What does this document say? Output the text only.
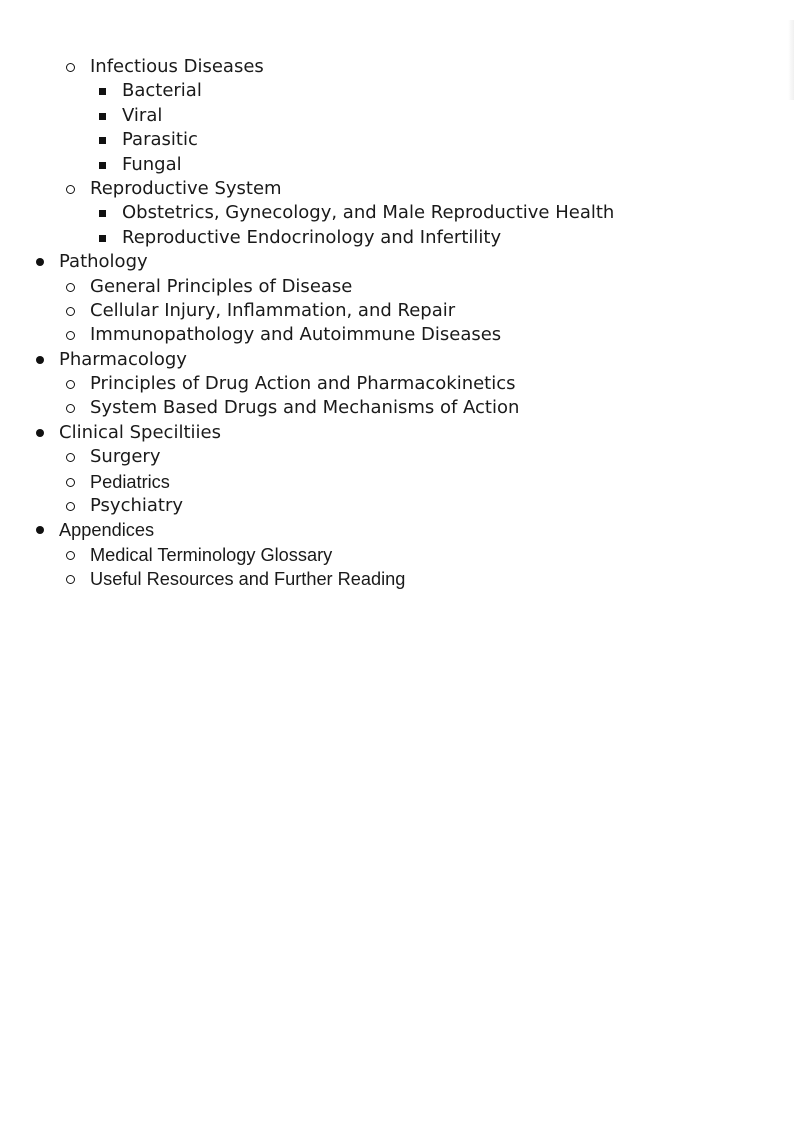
Infectious Diseases
Bacterial
Viral
Parasitic
Fungal
Reproductive System
Obstetrics, Gynecology, and Male Reproductive Health
Reproductive Endocrinology and Infertility
Pathology
General Principles of Disease
Cellular Injury, Inflammation, and Repair
Immunopathology and Autoimmune Diseases
Pharmacology
Principles of Drug Action and Pharmacokinetics
System Based Drugs and Mechanisms of Action
Clinical Speciltiies
Surgery
Pediatrics
Psychiatry
Appendices
Medical Terminology Glossary
Useful Resources and Further Reading
